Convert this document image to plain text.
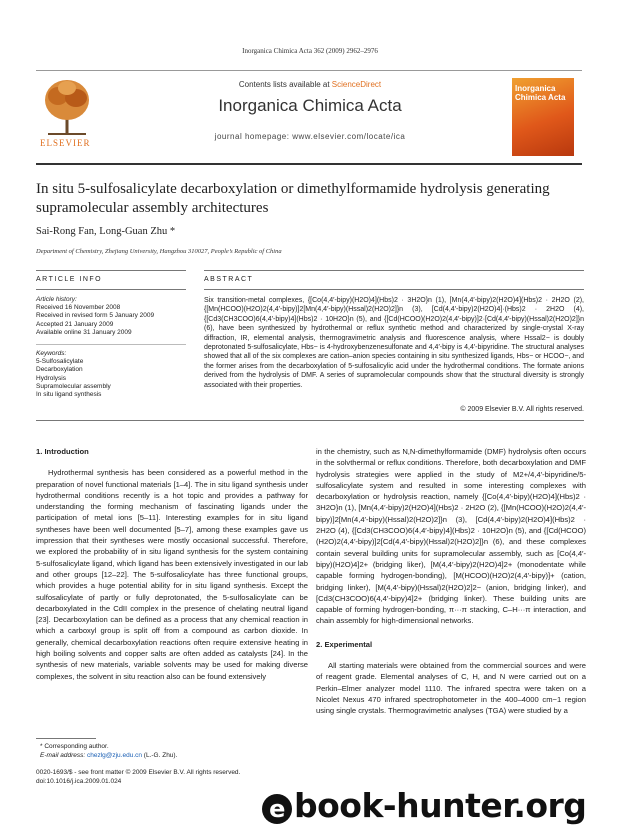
Inorganica Chimica Acta 362 (2009) 2962–2976
ELSEVIER
Contents lists available at ScienceDirect
Inorganica Chimica Acta
journal homepage: www.elsevier.com/locate/ica
Inorganica Chimica Acta
In situ 5-sulfosalicylate decarboxylation or dimethylformamide hydrolysis generating supramolecular assembly architectures
Sai-Rong Fan, Long-Guan Zhu *
Department of Chemistry, Zhejiang University, Hangzhou 310027, People’s Republic of China
ARTICLE INFO	ABSTRACT
Article history:
Received 16 November 2008
Received in revised form 5 January 2009
Accepted 21 January 2009
Available online 31 January 2009
Keywords:
5-Sulfosalicylate
Decarboxylation
Hydrolysis
Supramolecular assembly
In situ ligand synthesis
Six transition-metal complexes, {[Co(4,4′-bipy)(H2O)4](Hbs)2 · 3H2O}n (1), [Mn(4,4′-bipy)2(H2O)4](Hbs)2 · 2H2O (2), {[Mn(HCOO)(H2O)2(4,4′-bipy)]2[Mn(4,4′-bipy)(Hssal)2(H2O)2]}n (3), [Cd(4,4′-bipy)2(H2O)4]·(Hbs)2 · 2H2O (4), {[Cd3(CH3COO)6(4,4′-bipy)4](Hbs)2 · 10H2O}n (5), and {[Cd(HCOO)(H2O)2(4,4′-bipy)]2·[Cd(4,4′-bipy)(Hssal)2(H2O)2]}n (6), have been synthesized by hydrothermal or reflux synthetic method and characterized by single-crystal X-ray diffraction, IR, elemental analysis, thermogravimetric analysis and fluorescence analysis, where Hssal2− is doubly deprotonated 5-sulfosalicylate, Hbs− is 4-hydroxybenzenesulfonate and 4,4′-bipy is 4,4′-bipyridine. The structural analyses showed that all of the six complexes are cation–anion species containing in situ synthesized ligands, Hbs− or HCOO−, and the former arises from the decarboxylation of 5-sulfosalicylic acid under the hydrothermal conditions. The formate anions derived from the hydrolysis of DMF. A series of supramolecular compounds show that the structural diversity is strongly associated with their properties.
© 2009 Elsevier B.V. All rights reserved.
1. Introduction

Hydrothermal synthesis has been considered as a powerful method in the preparation of novel functional materials [1–4]. The in situ ligand synthesis under hydrothermal conditions recently is a hot topic and provides a pathway for understanding the forming mechanism of fascinating ligands under the participation of metal ions [5–11]. Interesting examples for in situ ligand syntheses have been well documented [5–7], among these examples gave us impression that their syntheses were mostly occasional successful. Therefore, we explored the probability of in situ ligand synthesis for the system containing 5-sulfosalicylate ligand, which ligand has been extensively investigated in our lab and other groups [12–22]. The 5-sulfosalicylate has three functional groups, which provides a huge potential ability for in situ ligand synthesis. Except the sulfosalicylate of partly or fully deprotonated, the 5-sulfosalicylate can be decarboxylated in the CdII complex in the presence of chelating neutral ligand [23]. Decarboxylation can be defined as a process that any chemical reaction in which a carboxyl group is split off from a compound as carbon dioxide. In generally, chemical decarboxylation reactions often require extensive heating in high boiling solvents and copper salts are often added as catalysts [24]. In the synthesis of new materials, variable solvents may be used for making diverse complexes, the solvent in situ reaction also can be found extensively

in the chemistry, such as N,N-dimethylformamide (DMF) hydrolysis often occurs in the solvthermal or reflux conditions. Therefore, both decarboxylation and DMF hydrolysis strategies were applied in the study of M2+/4,4′-bipyridine/5-sulfosalicylate system and resulted in some interesting complexes with decarboxylation or hydrolysis reaction, namely {[Co(4,4′-bipy)(H2O)4](Hbs)2 · 3H2O}n (1), [Mn(4,4′-bipy)2(H2O)4](Hbs)2 · 2H2O (2), {[Mn(HCOO)(H2O)2(4,4′-bipy)]2[Mn(4,4′-bipy)(Hssal)2(H2O)2]}n (3), [Cd(4,4′-bipy)2(H2O)4](Hbs)2 · 2H2O (4), {[Cd3(CH3COO)6(4,4′-bipy)4](Hbs)2 · 10H2O}n (5), and {[Cd(HCOO)(H2O)2(4,4′-bipy)]2[Cd(4,4′-bipy)(Hssal)2(H2O)2]}n (6), and these complexes contain several building units for supramolecular assembly, such as [Co(4,4′-bipy)(H2O)4]2+ (bridging liker), [M(4,4′-bipy)2(H2O)4]2+ (monodentate while capable forming hydrogen-bonding), [M(HCOO)(H2O)2(4,4′-bipy)]+ (cation, bridging linker), [M(4,4′-bipy)(Hssal)2(H2O)2]2− (anion, bridging linker), and [Cd3(CH3COO)6(4,4′-bipy)4]2+ (bridging linker). These building units are capable of forming hydrogen-bonding, π···π stacking, C–H···π interaction, and chain assembly for high-dimensional networks.

2. Experimental

All starting materials were obtained from the commercial sources and were of reagent grade. Elemental analyses of C, H, and N were carried out on a Perkin–Elmer analyzer model 1110. The infrared spectra were taken on a Nicolet Nexus 470 infrared spectrophotometer in the 400–4000 cm−1 region using single crystals. Thermogravimetric analyses (TGA) were studied by a

* Corresponding author.
E-mail address: chezlg@zju.edu.cn (L.-G. Zhu).
0020-1693/$ - see front matter © 2009 Elsevier B.V. All rights reserved.
doi:10.1016/j.ica.2009.01.024
e book-hunter.org
